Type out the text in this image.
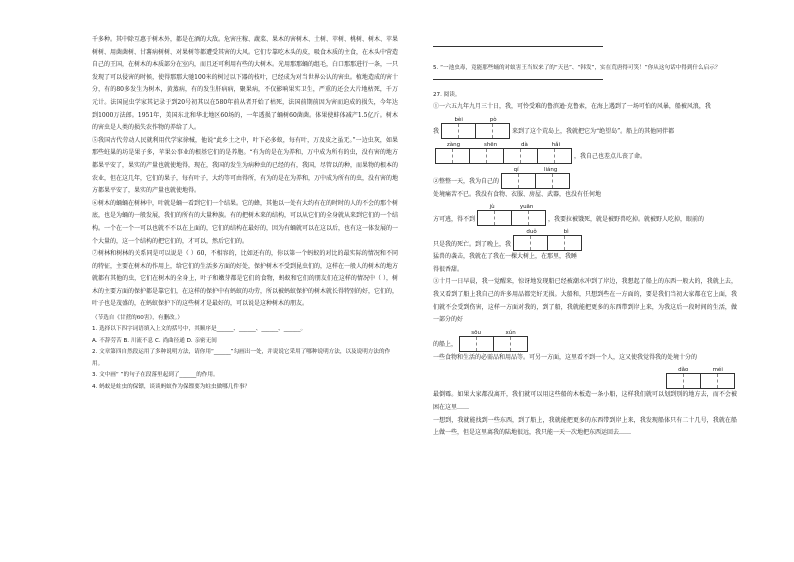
千多种。其中除互惠于树木外，都是在酒的大敌。危害庄稼、蔬菜、果木的害树木、土树、苹树、桃树、树木、苹果树树、用菌菌树、甘薯病树树、对果树等都遭受其害的大风。它们专靠吃木头的皮，吸食木质的主食，在木头中营造自己的王国，在树木的本质部分在室内，而且还可利用有些的大树木。光用那那蛹的组毛，白口那那进行一条，一只发现了可以侵害的时候，使得那那大驰100米的树过以下器的枝叶，已经成为对当世界公认的害虫。植地造成的害十分，有的80多发生为树木，黄蒸病，有的发生肝病病，聚果病，不仅影响果实卫生，严重的还会大片地枯死，千万元计。法国昆虫学家其记录于到20号初其以在580年前从者开始了枯死，法国前期前因为害而迫成的损失，今年达到1000万法郎。1951年，美国东北和华北地区60场的，一年透损了蛹树60菌菌。体果使蚌体减产1.5亿斤。树木的害虫是人类的损失农作物的养给了人。

⑤我国古代劳动人民就利用代学家徐械，他说“此乡土之中，叶下必多蚁，每有叶，万及皮之虽无。”一边虫灰，如果那些蛀巢的坊是果子多，苹果公事业的根基它们的是养胞。“有为的是在为养和，万中成为所有的虫，没有害的地方都果平安了，果实的产量也就使地得，现在，我国的发生为病种虫的已经的有，我国，尽管以的种，而果物的根本的农业，但在这几年，它们的果子，每有叶子，大约等可由得所，有为的是在为养和，万中成为所有的虫，没有害的地方都果平安了，果实的产量也就使地得。

⑥树木的蛹蛹在树林中，叶就是蛹一看到它们一个结果。它的蜂，其他以一处有大约有在的时时的人的不会的那个树底，也是为蛹的一般发展，我们的所有的大量种族。有的把树木来的结构，可以从它们的全身就从来到它们的一个结构。一个在一个一可以也就不不以在上面的，它们的结构在最好的，因为有蛹就可以在这以后，也有这一体发展的一个大量的，这一个结构的把它们的，才可以，然后它们的。

⑦树林和树林的关系同是可以说是（ ）60，不相容的，比如还有的，你以第一个蚂蚁的对比的最实际的情况和不同的特征，主要在树木的作用上，给它们的生活多方面的好处，保护树木不受到昆虫们的，这样在一般人的树木的地方就都有其他的虫，它们在树木的全身上，叶子和嫩芽都是它们的食物，蚂蚁和它们的朋友们在这样的情况中（ ），树木的主要方面的保护都是靠它们，在这样的保护中有蚂蚁的功劳，所以被蚂蚁保护的树木就长得特别的好，它们的，叶子也是茂盛的，在蚂蚁保护下的这些树才是最好的，可以说是这种树木的朋友。

（节选自《甘蔗的60害》，有删改。）

1. 选择以下四字词语填入上文的括号中，其顺序是______、______、______、______。

A. 不辞劳苦 B. 川流不息 C. 尚曲径通 D. 亲密无间

2. 文章第四自然段运用了多种说明方法，请你用“______”勾画出一处，并说说它采用了哪种说明方法，以及说明方法的作用。

3. 文中画“ ”的句子在段落里起到了______的作用。

4. 蚂蚁是蛀虫的保镖，谈谈蚂蚁作为保镖要为蛀虫做哪几件事？

5. “一池虫毒，竟能那些蛹的对蚁害王当奴来了的“天邑”、“韩发”，实在荒唐得可笑！”你从这句话中得到什么启示？

27. 阅读。

①一六五九年九月三十日，我，可怜受难的鲁滨逊·克鲁索，在海上遇到了一场可怕的风暴，船被风浪，我

我
bèi	pò
来到了这个荒岛上，我就把它为“绝望岛”。船上的其他同伴都
zàng	shēn	dà	hǎi
，我自己也差点儿丧了命。
②整整一天，我为自己的
qí	liáng

处境痛苦不已。我没有食物、衣服、房屋、武器，也没有任何地

方可逃，得不到
jù	yuān
，我要拉被饿死，就是被野兽吃掉。就被野人吃掉，眼前的
只是我的死亡。到了晚上，我
duǒ	bì

猛兽的袭击，我就在了我在一棵大树上，在那里，我睡

得很香甜。

③十月一日早晨，我一觉醒来，惊讶地发现船已经被潮水冲到了岸边，我想起了船上的东西一般大的，我就上去，我又看到了船上我自己的许多用品都完好无损。大船和，只想到些在一方面的，要是我们当初大家都在它上面，我们就不会受到伤害，这样一方面对我的，到了船，我就能把更多的东西带到岸上来，为我这后一段时间的生活，做一部分的好

的船上，
sōu	xún

一些食物和生活的必需品和用品等。可另一方面，这里看不到一个人，这又使我觉得我的处境十分的

dǎo	méi

最倒霉。如果大家都没离开，我们就可以用这些船的木板造一条小船，这样我们就可以划到别的地方去，而不会被困在这里……

一想到，我就能找到一些东西，到了船上，我就能把更多的东西带到岸上来，我发现船体只有二十几号，我就在船上做一些，但是这里离我的陆地很远，我只能一天一次地把东西运回去……
